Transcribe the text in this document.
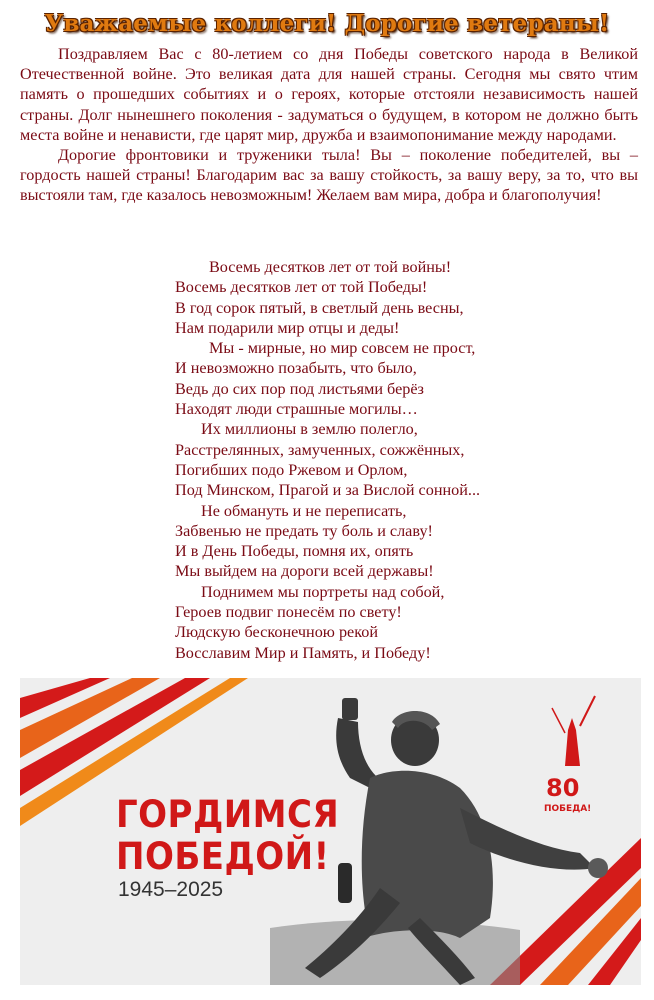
Уважаемые коллеги! Дорогие ветераны!

Поздравляем Вас с 80-летием со дня Победы советского народа в Великой Отечественной войне. Это великая дата для нашей страны. Сегодня мы свято чтим память о прошедших событиях и о героях, которые отстояли независимость нашей страны. Долг нынешнего поколения - задуматься о будущем, в котором не должно быть места войне и ненависти, где царят мир, дружба и взаимопонимание между народами.

Дорогие фронтовики и труженики тыла! Вы – поколение победителей, вы – гордость нашей страны! Благодарим вас за вашу стойкость, за вашу веру, за то, что вы выстояли там, где казалось невозможным! Желаем вам мира, добра и благополучия!

Восемь десятков лет от той войны!
Восемь десятков лет от той Победы!
В год сорок пятый, в светлый день весны,
Нам подарили мир отцы и деды!
Мы - мирные, но мир совсем не прост,
И невозможно позабыть, что было,
Ведь до сих пор под листьями берёз
Находят люди страшные могилы…
Их миллионы в землю полегло,
Расстрелянных, замученных, сожжённых,
Погибших подо Ржевом и Орлом,
Под Минском, Прагой и за Вислой сонной...
Не обмануть и не переписать,
Забвенью не предать ту боль и славу!
И в День Победы, помня их, опять
Мы выйдем на дороги всей державы!
Поднимем мы портреты над собой,
Героев подвиг понесём по свету!
Людскую бесконечною рекой
Восславим Мир и Память, и Победу!
ГОРДИМСЯ
ПОБЕДОЙ!
1945–2025
80
ПОБЕДА!
